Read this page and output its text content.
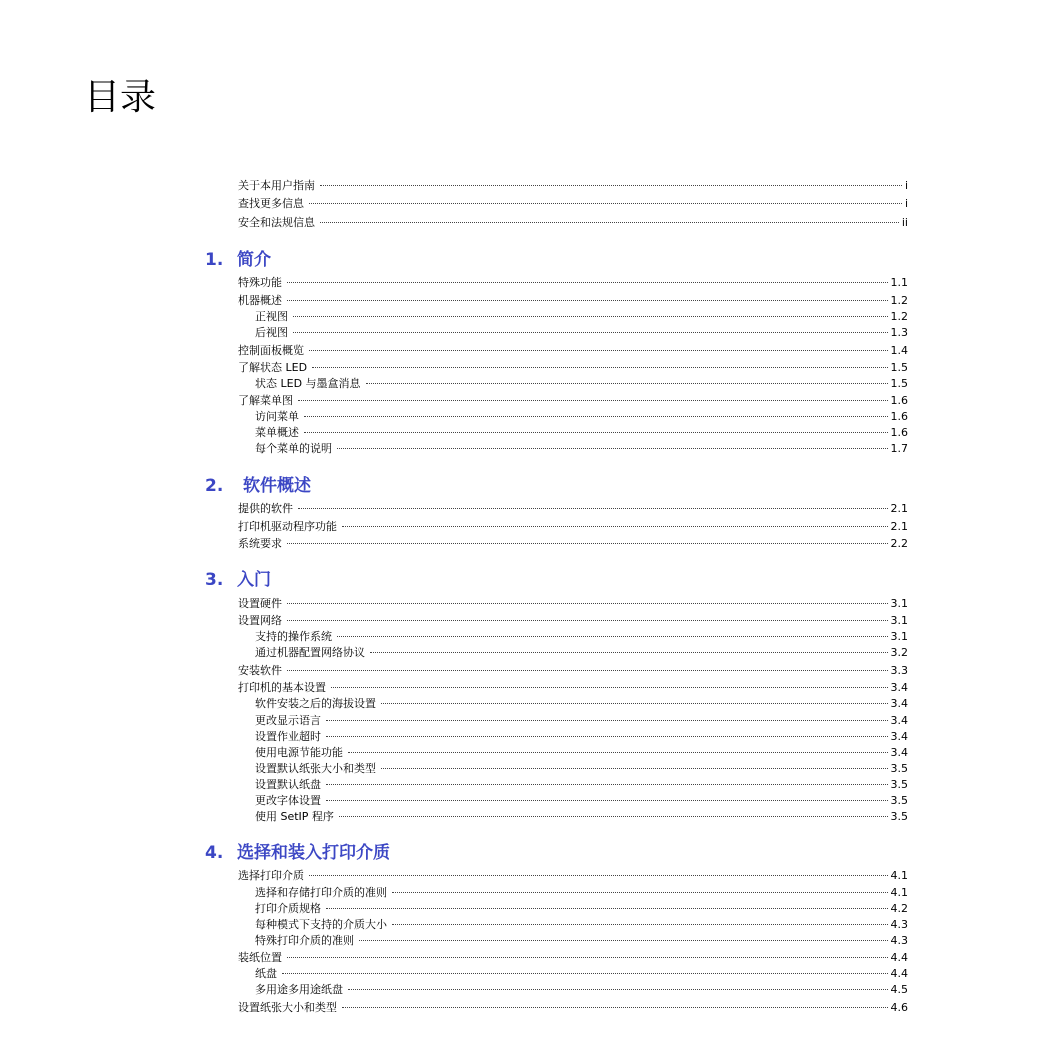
目录
关于本用户指南	i
查找更多信息	i
安全和法规信息	ii
1. 简介
特殊功能	1.1
机器概述	1.2
正视图	1.2
后视图	1.3
控制面板概览	1.4
了解状态 LED	1.5
状态 LED 与墨盒消息	1.5
了解菜单图	1.6
访问菜单	1.6
菜单概述	1.6
每个菜单的说明	1.7
2.	软件概述
提供的软件	2.1
打印机驱动程序功能	2.1
系统要求	2.2
3. 入门
设置硬件	3.1
设置网络	3.1
支持的操作系统	3.1
通过机器配置网络协议	3.2
安装软件	3.3
打印机的基本设置	3.4
软件安装之后的海拔设置	3.4
更改显示语言	3.4
设置作业超时	3.4
使用电源节能功能	3.4
设置默认纸张大小和类型	3.5
设置默认纸盘	3.5
更改字体设置	3.5
使用 SetIP 程序	3.5
4. 选择和装入打印介质
选择打印介质	4.1
选择和存储打印介质的准则	4.1
打印介质规格	4.2
每种模式下支持的介质大小	4.3
特殊打印介质的准则	4.3
装纸位置	4.4
纸盘	4.4
多用途多用途纸盘	4.5
设置纸张大小和类型	4.6
